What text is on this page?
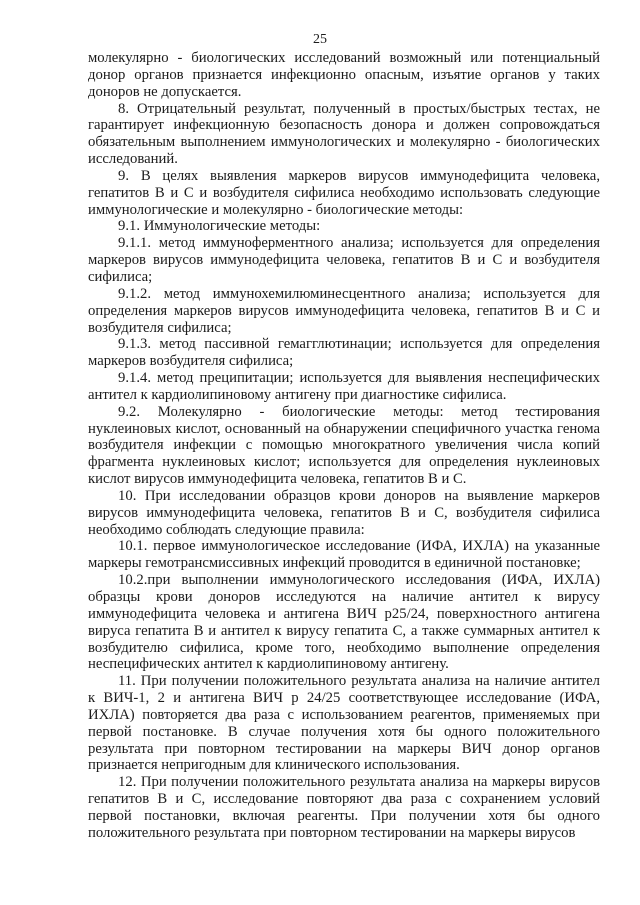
25

молекулярно - биологических исследований возможный или потенциальный донор органов признается инфекционно опасным, изъятие органов у таких доноров не допускается.

8. Отрицательный результат, полученный в простых/быстрых тестах, не гарантирует инфекционную безопасность донора и должен сопровождаться обязательным выполнением иммунологических и молекулярно - биологических исследований.

9. В целях выявления маркеров вирусов иммунодефицита человека, гепатитов В и С и возбудителя сифилиса необходимо использовать следующие иммунологические и молекулярно - биологические методы:

9.1. Иммунологические методы:

9.1.1. метод иммуноферментного анализа; используется для определения маркеров вирусов иммунодефицита человека, гепатитов В и С и возбудителя сифилиса;

9.1.2. метод иммунохемилюминесцентного анализа; используется для определения маркеров вирусов иммунодефицита человека, гепатитов В и С и возбудителя сифилиса;

9.1.3. метод пассивной гемагглютинации; используется для определения маркеров возбудителя сифилиса;

9.1.4. метод преципитации; используется для выявления неспецифических антител к кардиолипиновому антигену при диагностике сифилиса.

9.2. Молекулярно - биологические методы: метод тестирования нуклеиновых кислот, основанный на обнаружении специфичного участка генома возбудителя инфекции с помощью многократного увеличения числа копий фрагмента нуклеиновых кислот; используется для определения нуклеиновых кислот вирусов иммунодефицита человека, гепатитов В и С.

10. При исследовании образцов крови доноров на выявление маркеров вирусов иммунодефицита человека, гепатитов В и С, возбудителя сифилиса необходимо соблюдать следующие правила:

10.1. первое иммунологическое исследование (ИФА, ИХЛА) на указанные маркеры гемотрансмиссивных инфекций проводится в единичной постановке;

10.2.при выполнении иммунологического исследования (ИФА, ИХЛА) образцы крови доноров исследуются на наличие антител к вирусу иммунодефицита человека и антигена ВИЧ р25/24, поверхностного антигена вируса гепатита В и антител к вирусу гепатита С, а также суммарных антител к возбудителю сифилиса, кроме того, необходимо выполнение определения неспецифических антител к кардиолипиновому антигену.

11. При получении положительного результата анализа на наличие антител к ВИЧ-1, 2 и антигена ВИЧ р 24/25 соответствующее исследование (ИФА, ИХЛА) повторяется два раза с использованием реагентов, применяемых при первой постановке. В случае получения хотя бы одного положительного результата при повторном тестировании на маркеры ВИЧ донор органов признается непригодным для клинического использования.

12. При получении положительного результата анализа на маркеры вирусов гепатитов В и С, исследование повторяют два раза с сохранением условий первой постановки, включая реагенты. При получении хотя бы одного положительного результата при повторном тестировании на маркеры вирусов
